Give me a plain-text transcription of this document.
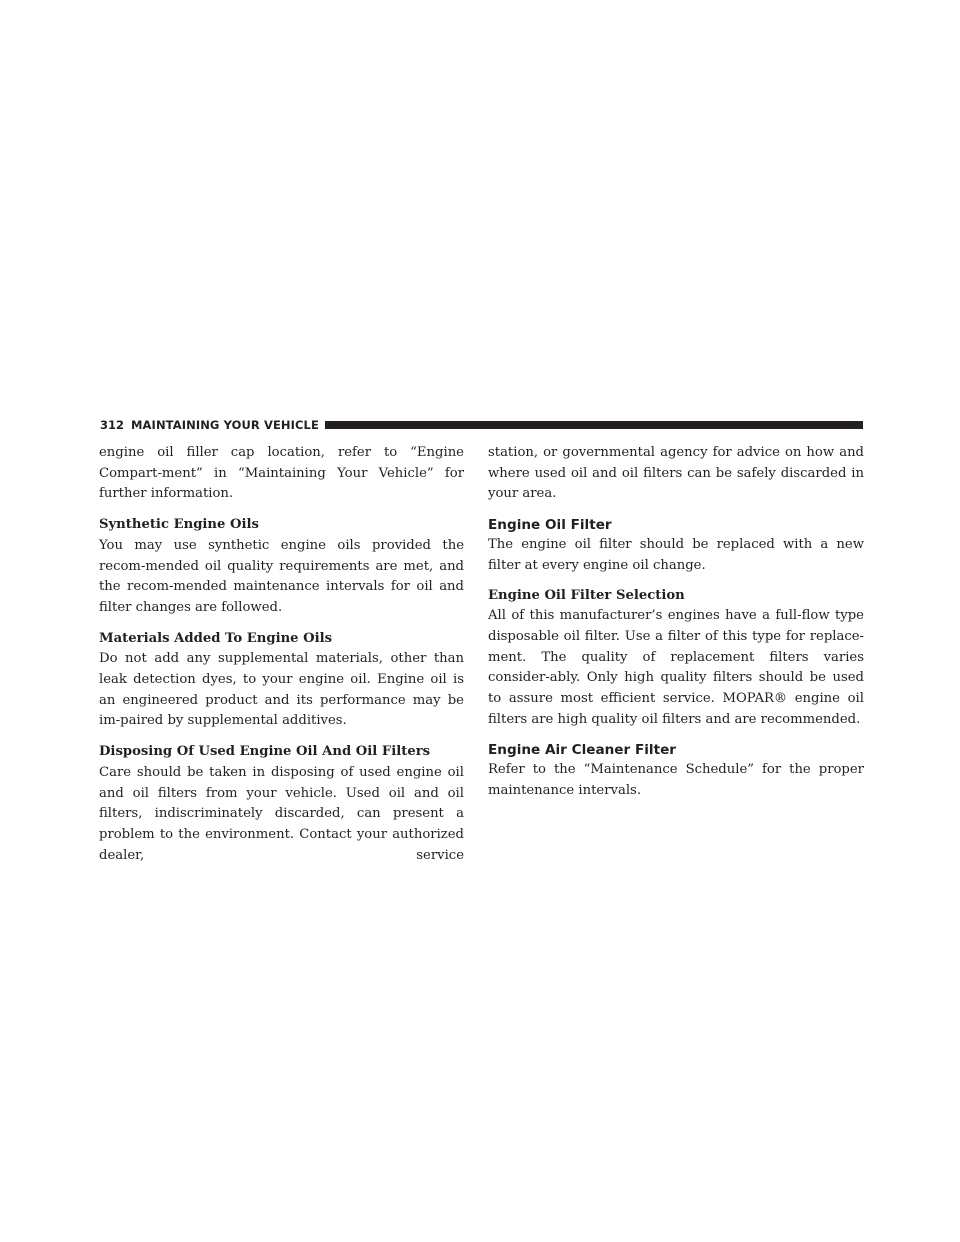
312 MAINTAINING YOUR VEHICLE

engine oil filler cap location, refer to “Engine Compart-ment” in “Maintaining Your Vehicle” for further information.

Synthetic Engine Oils

You may use synthetic engine oils provided the recom-mended oil quality requirements are met, and the recom-mended maintenance intervals for oil and filter changes are followed.

Materials Added To Engine Oils

Do not add any supplemental materials, other than leak detection dyes, to your engine oil. Engine oil is an engineered product and its performance may be im-paired by supplemental additives.

Disposing Of Used Engine Oil And Oil Filters

Care should be taken in disposing of used engine oil and oil filters from your vehicle. Used oil and oil filters, indiscriminately discarded, can present a problem to the environment. Contact your authorized dealer, service

station, or governmental agency for advice on how and where used oil and oil filters can be safely discarded in your area.

Engine Oil Filter

The engine oil filter should be replaced with a new filter at every engine oil change.

Engine Oil Filter Selection

All of this manufacturer’s engines have a full-flow type disposable oil filter. Use a filter of this type for replace-ment. The quality of replacement filters varies consider-ably. Only high quality filters should be used to assure most efficient service. MOPAR® engine oil filters are high quality oil filters and are recommended.

Engine Air Cleaner Filter

Refer to the “Maintenance Schedule” for the proper maintenance intervals.
